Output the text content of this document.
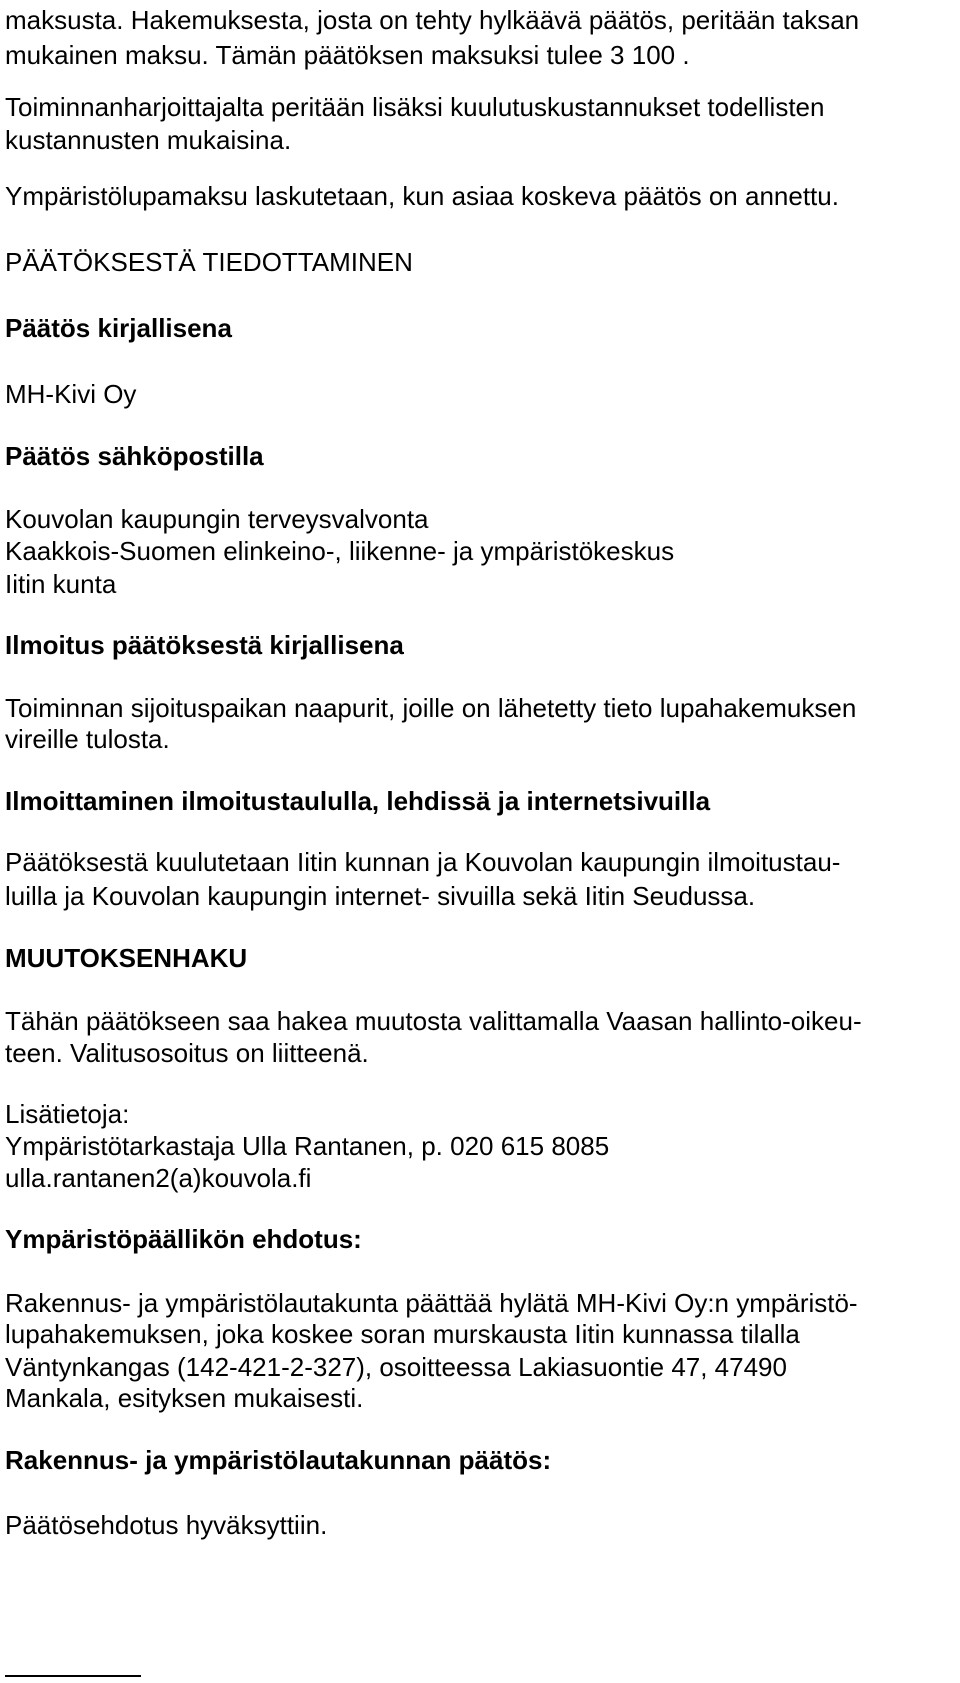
maksusta. Hakemuksesta, josta on tehty hylkäävä päätös, peritään taksan

mukainen maksu. Tämän päätöksen maksuksi tulee 3 100 .

Toiminnanharjoittajalta peritään lisäksi kuulutuskustannukset todellisten

kustannusten mukaisina.

Ympäristölupamaksu laskutetaan, kun asiaa koskeva päätös on annettu.

PÄÄTÖKSESTÄ TIEDOTTAMINEN

Päätös kirjallisena

MH-Kivi Oy

Päätös sähköpostilla

Kouvolan kaupungin terveysvalvonta

Kaakkois-Suomen elinkeino-, liikenne- ja ympäristökeskus

Iitin kunta

Ilmoitus päätöksestä kirjallisena

Toiminnan sijoituspaikan naapurit, joille on lähetetty tieto lupahakemuksen

vireille tulosta.

Ilmoittaminen ilmoitustaululla, lehdissä ja internetsivuilla

Päätöksestä kuulutetaan Iitin kunnan ja Kouvolan kaupungin ilmoitustau-

luilla ja Kouvolan kaupungin internet- sivuilla sekä Iitin Seudussa.

MUUTOKSENHAKU

Tähän päätökseen saa hakea muutosta valittamalla Vaasan hallinto-oikeu-

teen. Valitusosoitus on liitteenä.

Lisätietoja:

Ympäristötarkastaja Ulla Rantanen, p. 020 615 8085

ulla.rantanen2(a)kouvola.fi

Ympäristöpäällikön ehdotus:

Rakennus- ja ympäristölautakunta päättää hylätä MH-Kivi Oy:n ympäristö-

lupahakemuksen, joka koskee soran murskausta Iitin kunnassa tilalla

Väntynkangas (142-421-2-327), osoitteessa Lakiasuontie 47, 47490

Mankala, esityksen mukaisesti.

Rakennus- ja ympäristölautakunnan päätös:

Päätösehdotus hyväksyttiin.
